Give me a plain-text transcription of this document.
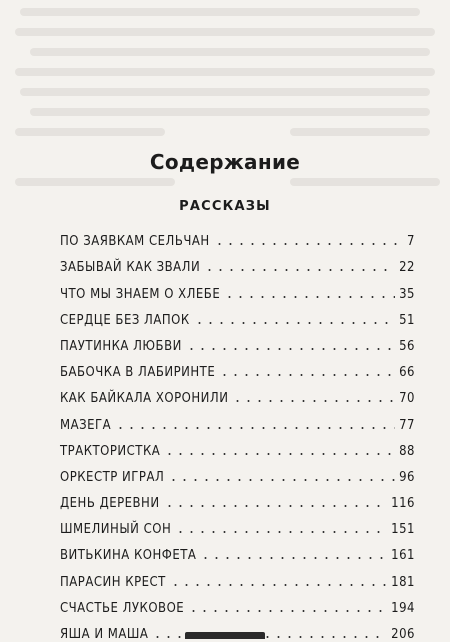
Содержание
РАССКАЗЫ
ПО ЗАЯВКАМ СЕЛЬЧАН	7
ЗАБЫВАЙ КАК ЗВАЛИ	22
ЧТО МЫ ЗНАЕМ О ХЛЕБЕ	35
СЕРДЦЕ БЕЗ ЛАПОК	51
ПАУТИНКА ЛЮБВИ	56
БАБОЧКА В ЛАБИРИНТЕ	66
КАК БАЙКАЛА ХОРОНИЛИ	70
МАЗЕГА	77
ТРАКТОРИСТКА	88
ОРКЕСТР ИГРАЛ	96
ДЕНЬ ДЕРЕВНИ	116
ШМЕЛИНЫЙ СОН	151
ВИТЬКИНА КОНФЕТА	161
ПАРАСИН КРЕСТ	181
СЧАСТЬЕ ЛУКОВОЕ	194
ЯША И МАША	206
